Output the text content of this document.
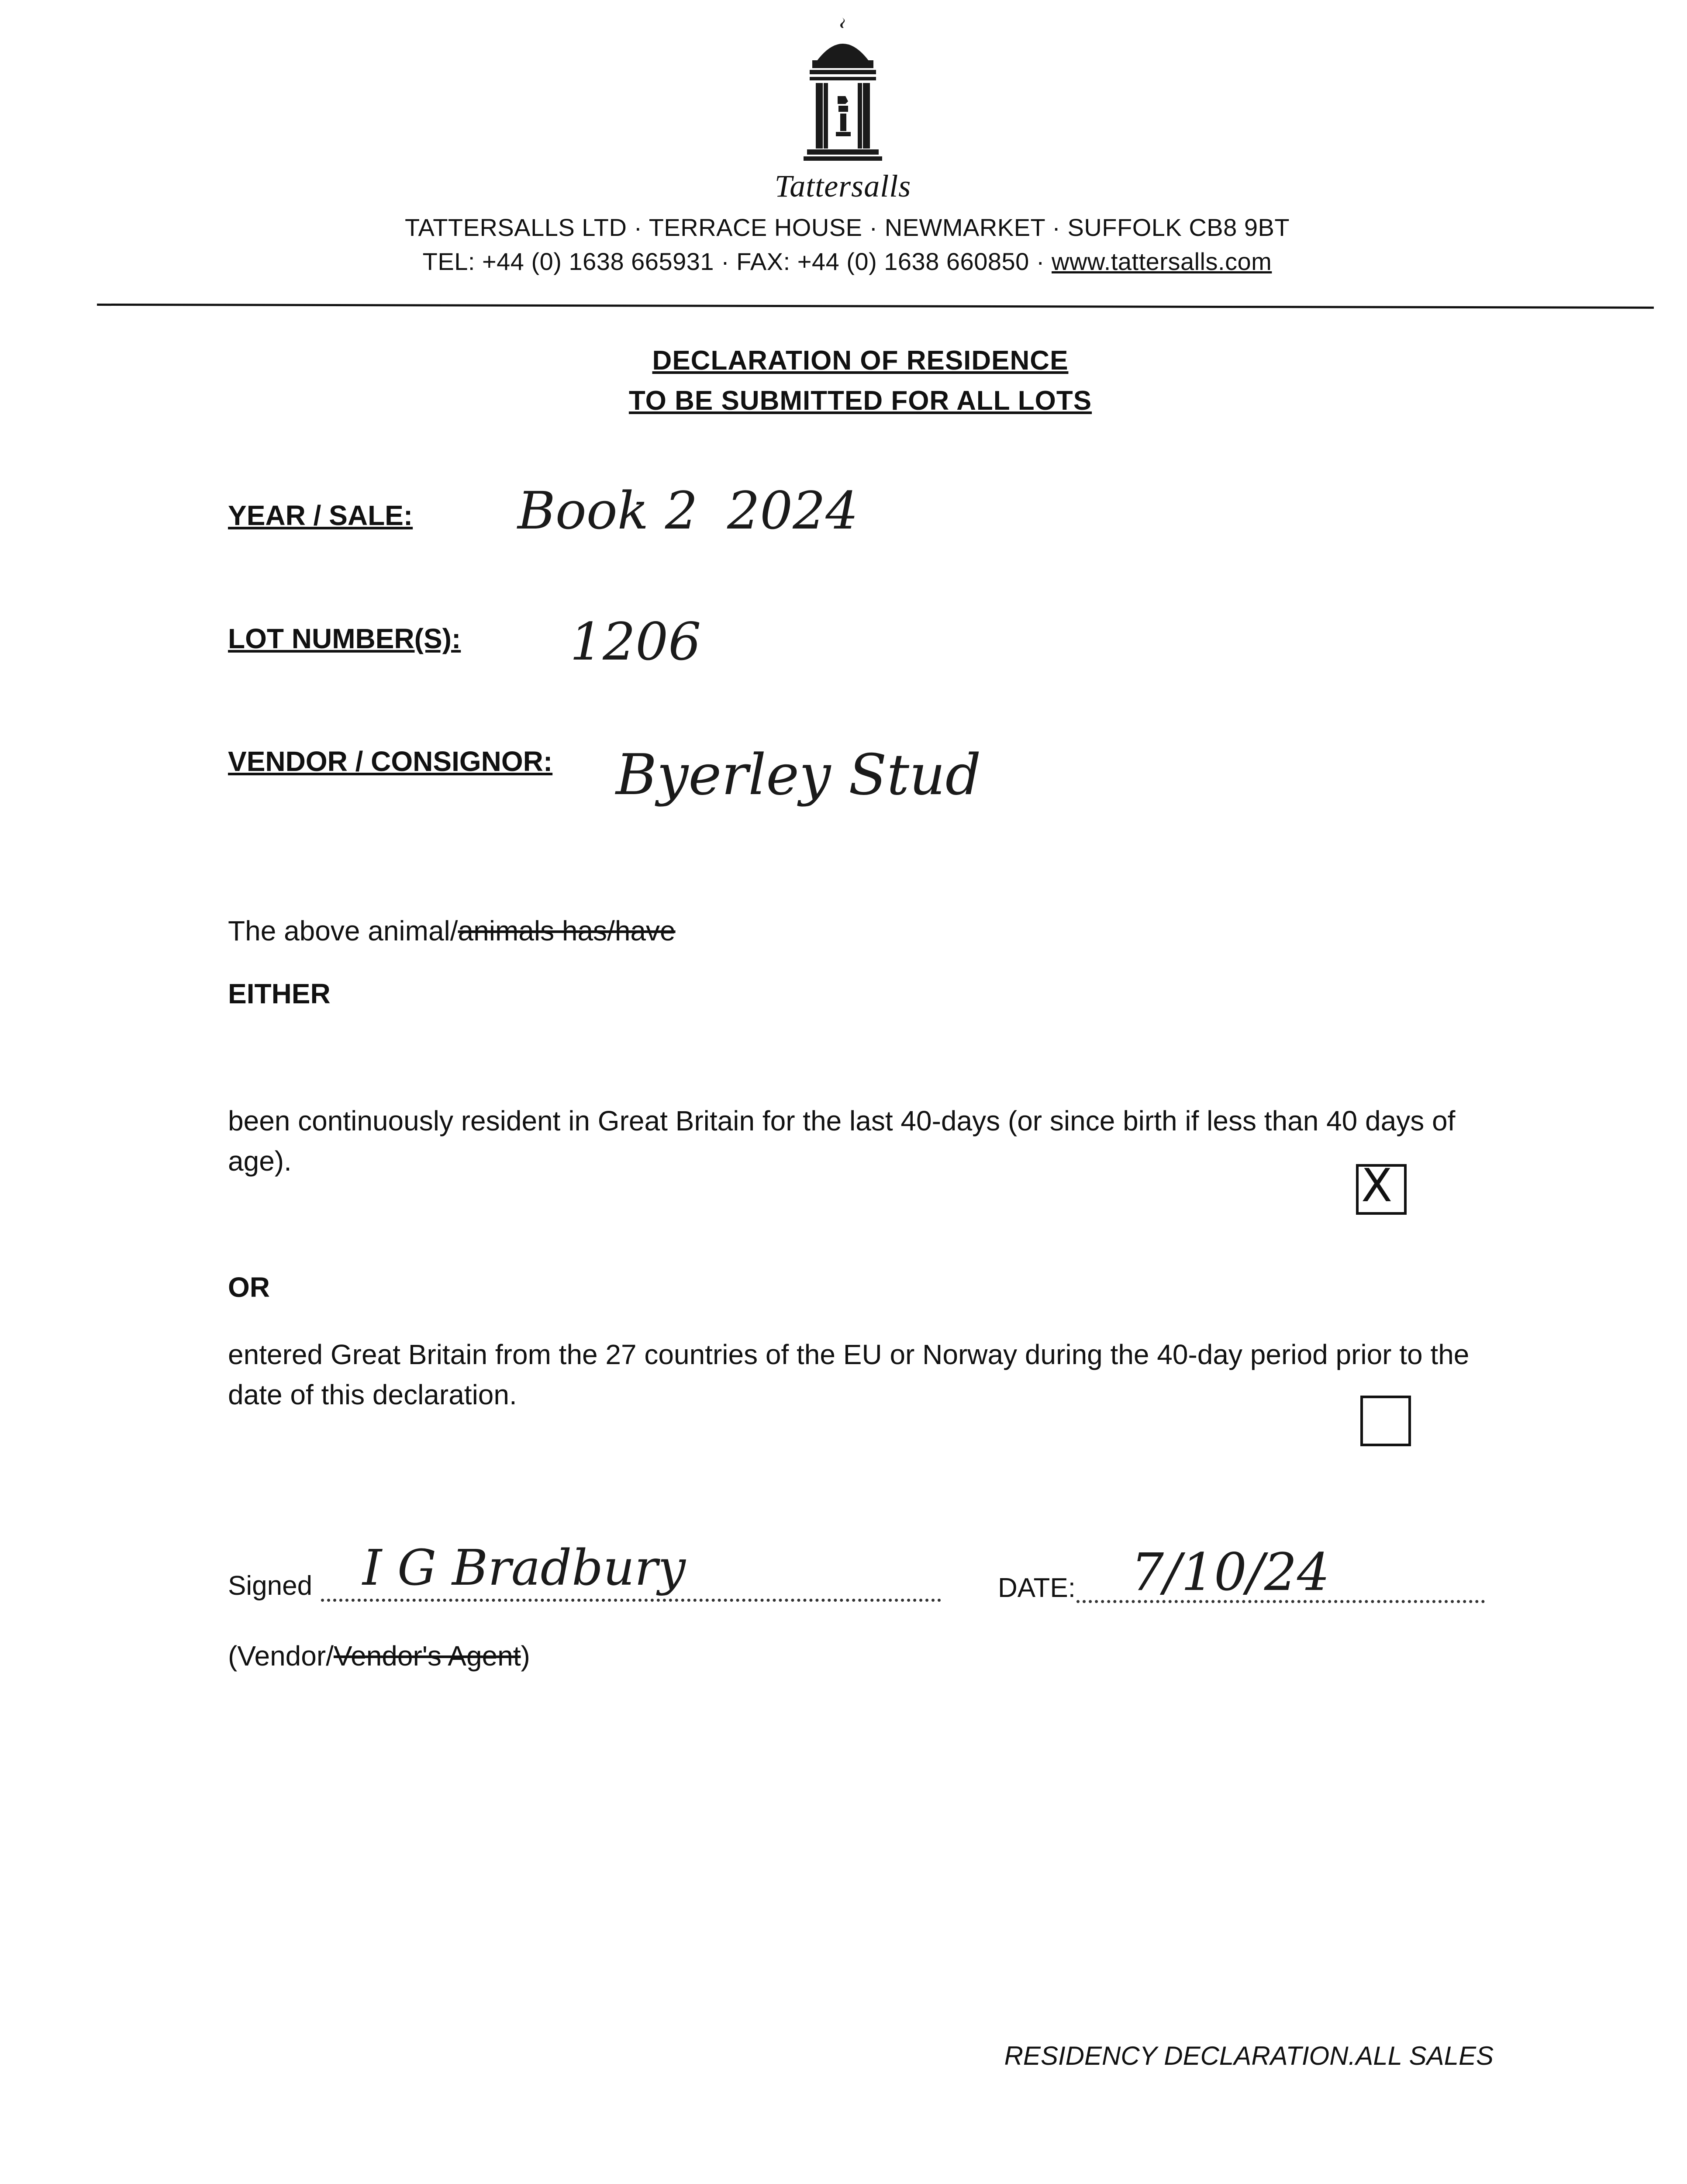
Tattersalls
TATTERSALLS LTD · TERRACE HOUSE · NEWMARKET · SUFFOLK CB8 9BT
TEL: +44 (0) 1638 665931 · FAX: +44 (0) 1638 660850 · www.tattersalls.com
DECLARATION OF RESIDENCE
TO BE SUBMITTED FOR ALL LOTS
YEAR / SALE: Book 2 2024
LOT NUMBER(S): 1206
VENDOR / CONSIGNOR: Byerley Stud
The above animal/animals has/have
EITHER
been continuously resident in Great Britain for the last 40-days (or since birth if less than 40 days of age).	X
OR
entered Great Britain from the 27 countries of the EU or Norway during the 40-day period prior to the date of this declaration.
Signed I G Bradbury	DATE: 7/10/24
(Vendor/Vendor's Agent)
RESIDENCY DECLARATION.ALL SALES
